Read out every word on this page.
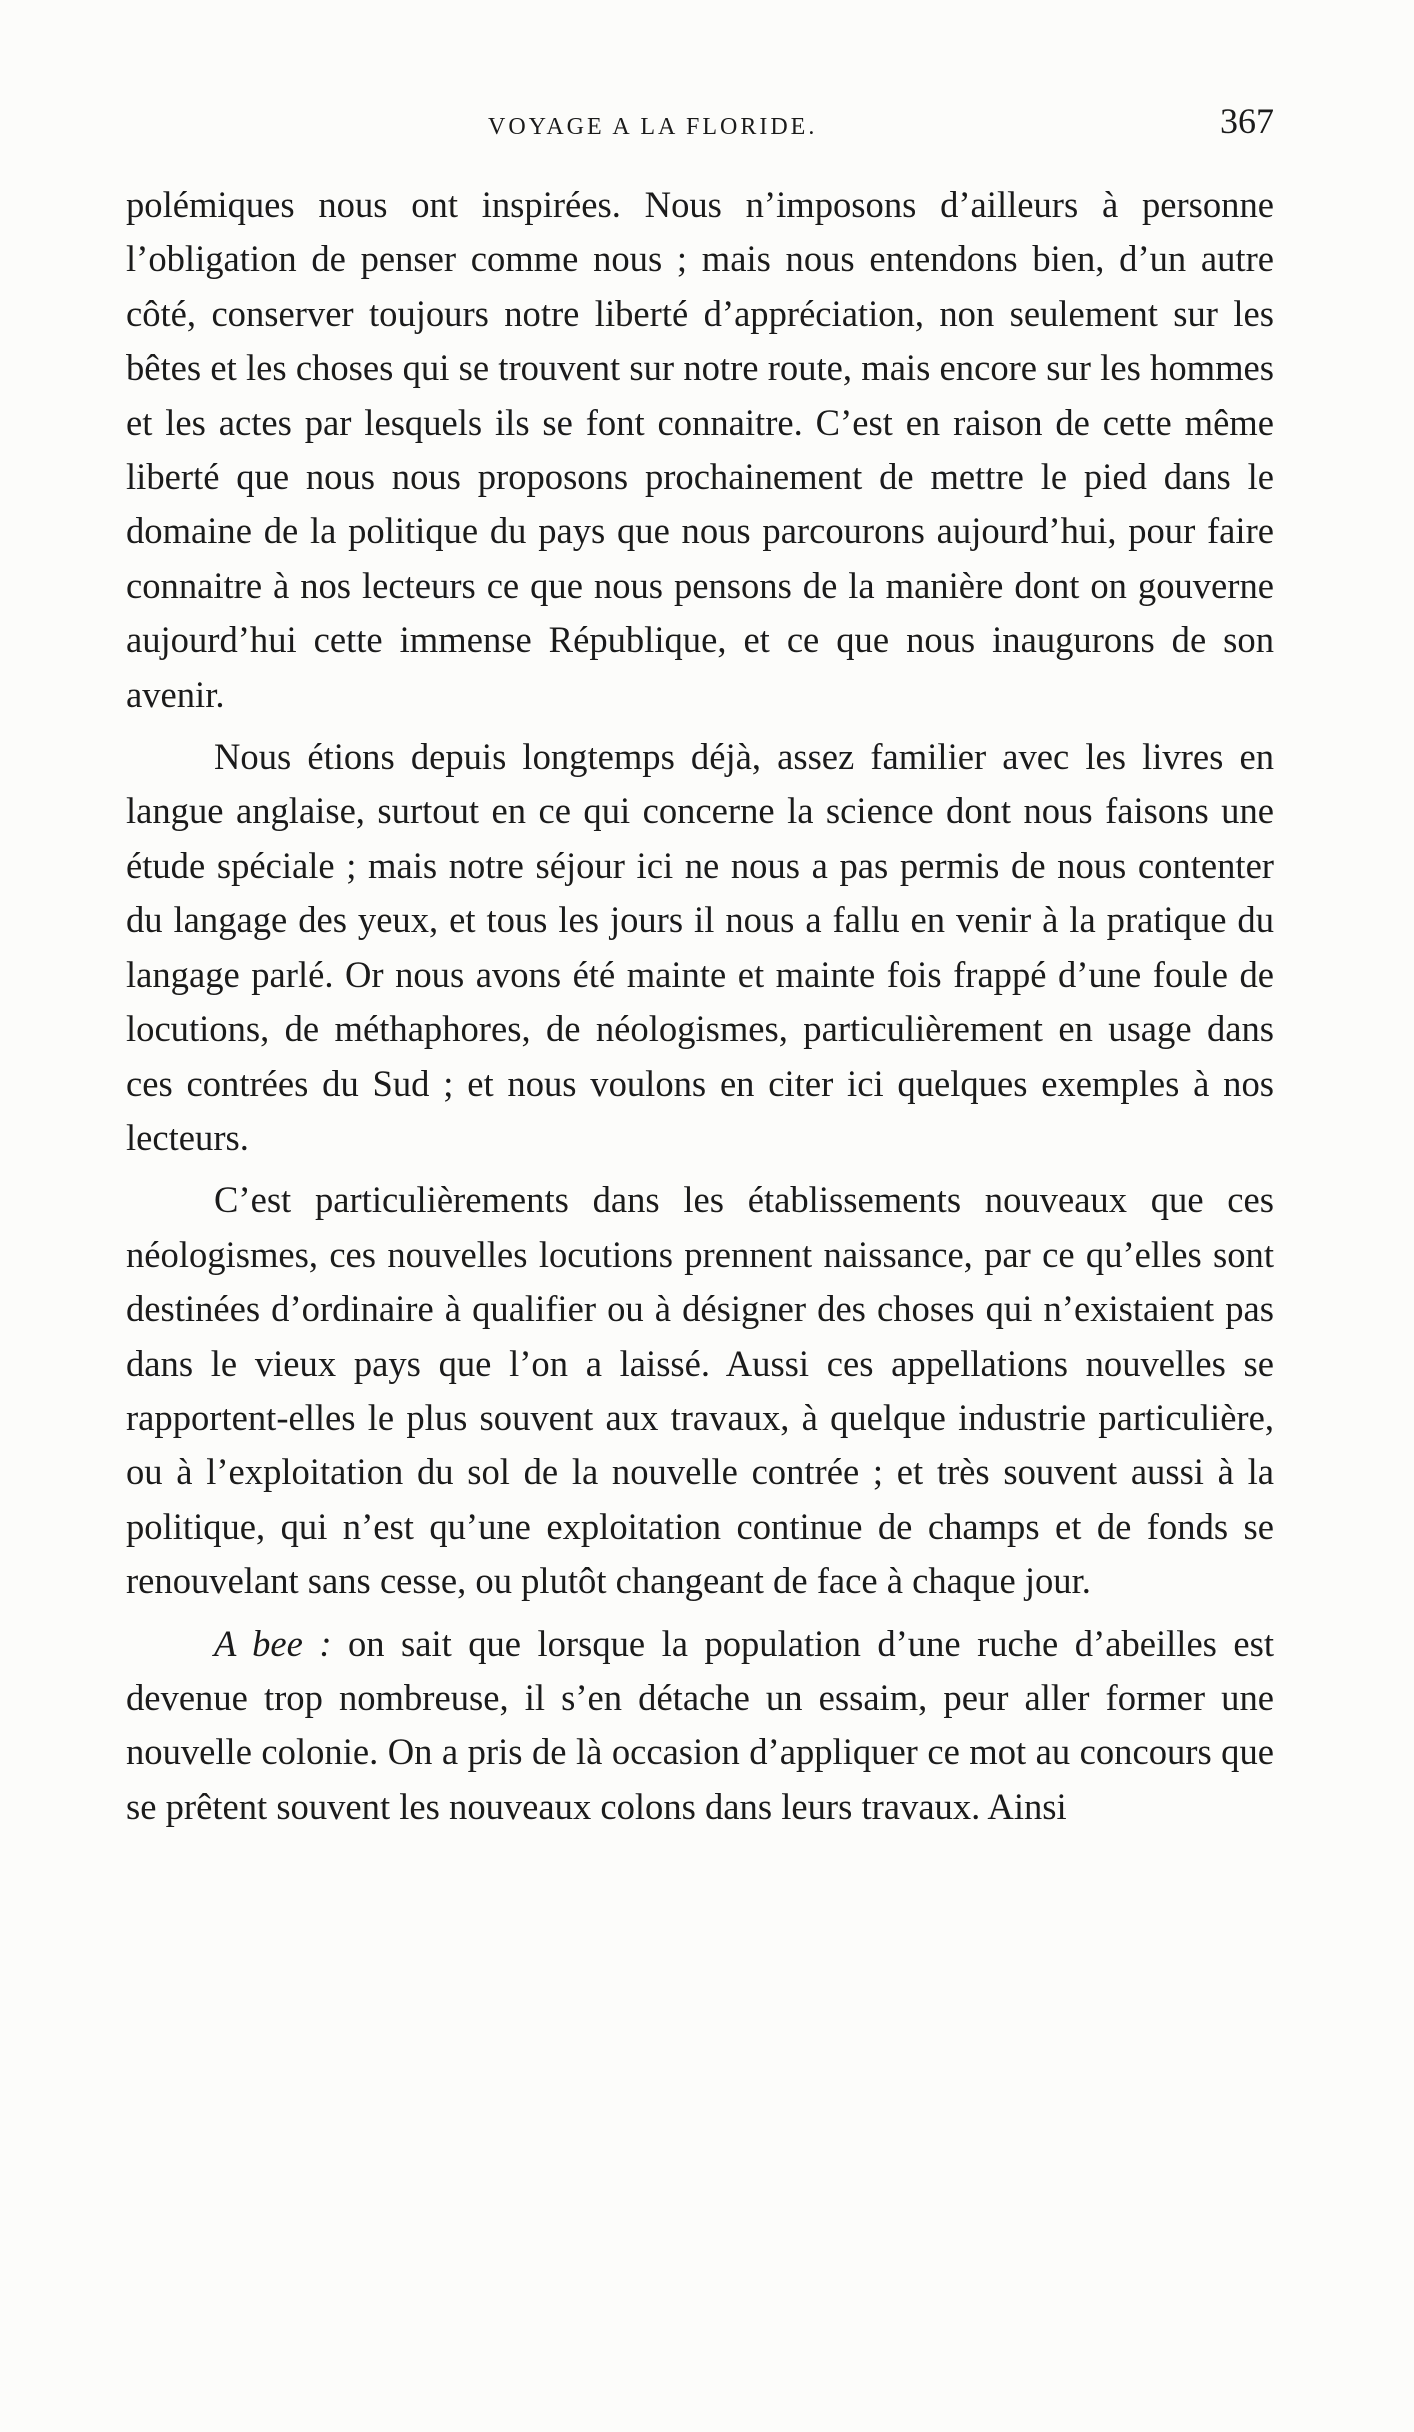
VOYAGE A LA FLORIDE.	367

polémiques nous ont inspirées. Nous n’imposons d’ailleurs à personne l’obligation de penser comme nous ; mais nous entendons bien, d’un autre côté, conserver toujours notre liberté d’appréciation, non seulement sur les bêtes et les choses qui se trouvent sur notre route, mais encore sur les hommes et les actes par lesquels ils se font connaitre. C’est en raison de cette même liberté que nous nous proposons prochainement de mettre le pied dans le domaine de la politique du pays que nous parcourons aujourd’hui, pour faire connaitre à nos lecteurs ce que nous pensons de la manière dont on gouverne aujourd’hui cette immense République, et ce que nous inaugurons de son avenir.

Nous étions depuis longtemps déjà, assez familier avec les livres en langue anglaise, surtout en ce qui concerne la science dont nous faisons une étude spéciale ; mais notre séjour ici ne nous a pas permis de nous contenter du langage des yeux, et tous les jours il nous a fallu en venir à la pratique du langage parlé. Or nous avons été mainte et mainte fois frappé d’une foule de locutions, de méthaphores, de néologismes, particulièrement en usage dans ces contrées du Sud ; et nous voulons en citer ici quelques exemples à nos lecteurs.

C’est particulièrements dans les établissements nouveaux que ces néologismes, ces nouvelles locutions prennent naissance, par ce qu’elles sont destinées d’ordinaire à qualifier ou à désigner des choses qui n’existaient pas dans le vieux pays que l’on a laissé. Aussi ces appellations nouvelles se rapportent-elles le plus souvent aux travaux, à quelque industrie particulière, ou à l’exploitation du sol de la nouvelle contrée ; et très souvent aussi à la politique, qui n’est qu’une exploitation continue de champs et de fonds se renouvelant sans cesse, ou plutôt changeant de face à chaque jour.

A bee : on sait que lorsque la population d’une ruche d’abeilles est devenue trop nombreuse, il s’en détache un essaim, peur aller former une nouvelle colonie. On a pris de là occasion d’appliquer ce mot au concours que se prêtent souvent les nouveaux colons dans leurs travaux. Ainsi
